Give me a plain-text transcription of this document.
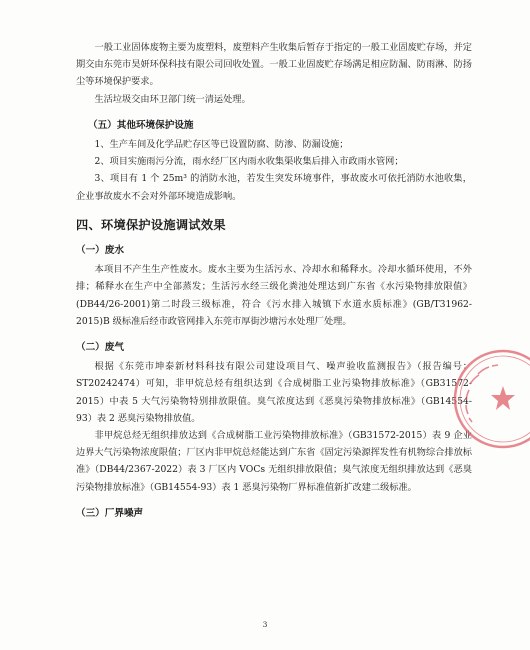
一般工业固体废物主要为废塑料，废塑料产生收集后暂存于指定的一般工业固废贮存场，并定期交由东莞市昊妍环保科技有限公司回收处置。一般工业固废贮存场满足相应防漏、防雨淋、防扬尘等环境保护要求。

生活垃圾交由环卫部门统一清运处理。

（五）其他环境保护设施

1、生产车间及化学品贮存区等已设置防腐、防渗、防漏设施；

2、项目实施雨污分流，雨水经厂区内雨水收集渠收集后排入市政雨水管网；

3、项目有 1 个 25m³ 的消防水池，若发生突发环境事件，事故废水可依托消防水池收集，企业事故废水不会对外部环境造成影响。

四、环境保护设施调试效果
（一）废水

本项目不产生生产性废水。废水主要为生活污水、冷却水和稀释水。冷却水循环使用，不外排；稀释水在生产中全部蒸发；生活污水经三级化粪池处理达到广东省《水污染物排放限值》(DB44/26-2001)第二时段三级标准，符合《污水排入城镇下水道水质标准》(GB/T31962-2015)B 级标准后经市政管网排入东莞市厚街沙塘污水处理厂处理。

（二）废气

根据《东莞市坤泰新材料科技有限公司建设项目气、噪声验收监测报告》（报告编号：ST20242474）可知，非甲烷总烃有组织达到《合成树脂工业污染物排放标准》（GB31572-2015）中表 5 大气污染物特别排放限值。臭气浓度达到《恶臭污染物排放标准》（GB14554-93）表 2 恶臭污染物排放值。

非甲烷总烃无组织排放达到《合成树脂工业污染物排放标准》（GB31572-2015）表 9 企业边界大气污染物浓度限值；厂区内非甲烷总烃能达到广东省《固定污染源挥发性有机物综合排放标准》（DB44/2367-2022）表 3 厂区内 VOCs 无组织排放限值；臭气浓度无组织排放达到《恶臭污染物排放标准》（GB14554-93）表 1 恶臭污染物厂界标准值新扩改建二级标准。

（三）厂界噪声
3
